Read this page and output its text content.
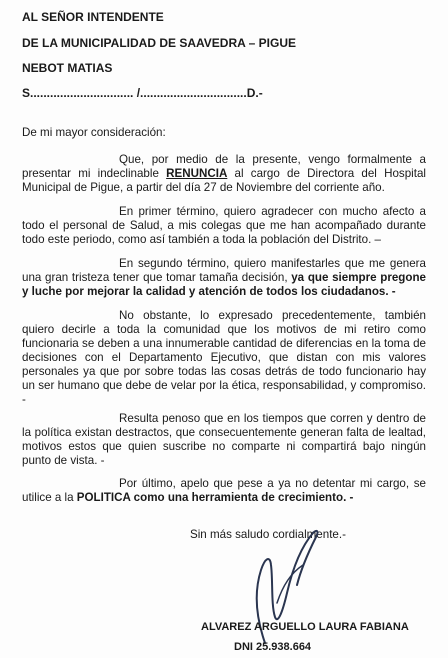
AL SEÑOR INTENDENTE
DE LA MUNICIPALIDAD DE SAAVEDRA – PIGUE
NEBOT MATIAS
S............................... /................................D.-
De mi mayor consideración:

Que, por medio de la presente, vengo formalmente a presentar mi indeclinable RENUNCIA al cargo de Directora del Hospital Municipal de Pigue, a partir del día 27 de Noviembre del corriente año.

En primer término, quiero agradecer con mucho afecto a todo el personal de Salud, a mis colegas que me han acompañado durante todo este periodo, como así también a toda la población del Distrito. –

En segundo término, quiero manifestarles que me genera una gran tristeza tener que tomar tamaña decisión, ya que siempre pregone y luche por mejorar la calidad y atención de todos los ciudadanos. -

No obstante, lo expresado precedentemente, también quiero decirle a toda la comunidad que los motivos de mi retiro como funcionaria se deben a una innumerable cantidad de diferencias en la toma de decisiones con el Departamento Ejecutivo, que distan con mis valores personales ya que por sobre todas las cosas detrás de todo funcionario hay un ser humano que debe de velar por la ética, responsabilidad, y compromiso. -

Resulta penoso que en los tiempos que corren y dentro de la política existan destractos, que consecuentemente generan falta de lealtad, motivos estos que quien suscribe no comparte ni compartirá bajo ningún punto de vista. -

Por último, apelo que pese a ya no detentar mi cargo, se utilice a la POLITICA como una herramienta de crecimiento. -

Sin más saludo cordialmente.-
ALVAREZ ARGUELLO LAURA FABIANA
DNI 25.938.664
